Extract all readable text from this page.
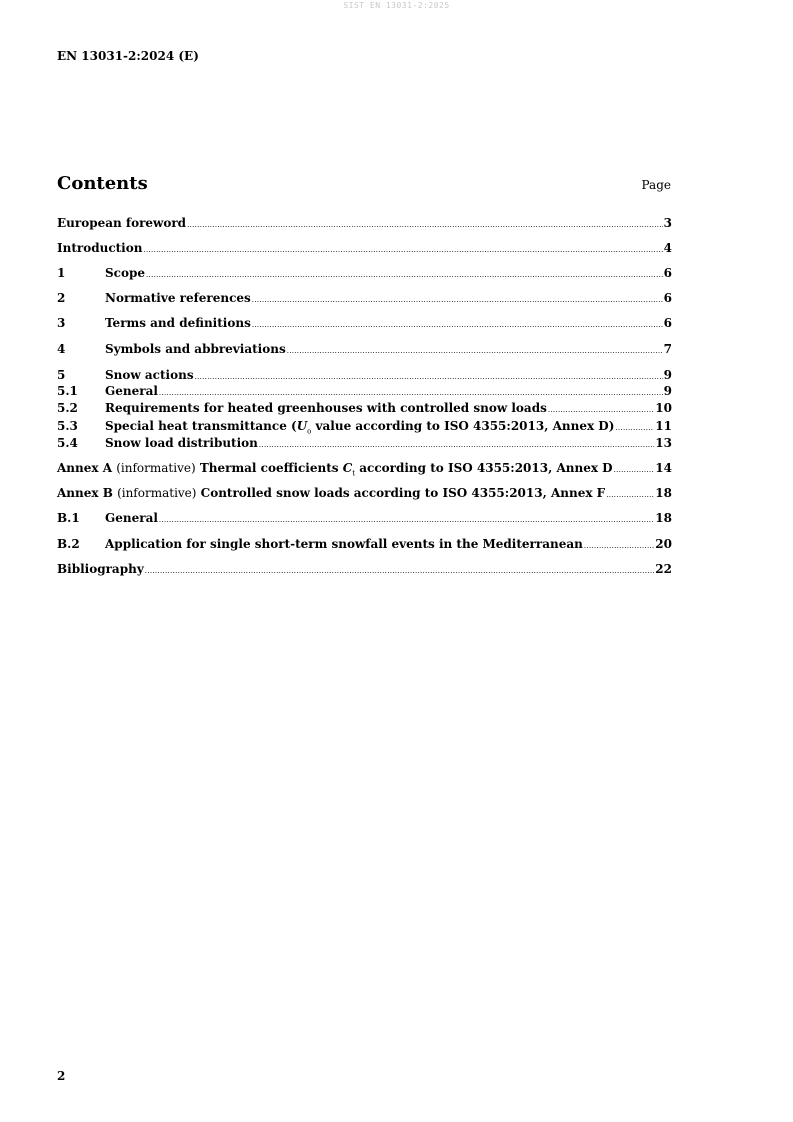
SIST EN 13031-2:2025
EN 13031-2:2024 (E)
Contents	Page
European foreword .....	3
Introduction .....	4
1	Scope .....	6
2	Normative references .....	6
3	Terms and definitions .....	6
4	Symbols and abbreviations .....	7
5	Snow actions .....	9
5.1	General .....	9
5.2	Requirements for heated greenhouses with controlled snow loads .....	10
5.3	Special heat transmittance ($U_o$ value according to ISO 4355:2013, Annex D) .....	11
5.4	Snow load distribution .....	13
Annex A (informative) Thermal coefficients $C_t$ according to ISO 4355:2013, Annex D .....	14
Annex B (informative) Controlled snow loads according to ISO 4355:2013, Annex F .....	18
B.1	General .....	18
B.2	Application for single short-term snowfall events in the Mediterranean .....	20
Bibliography .....	22
2
